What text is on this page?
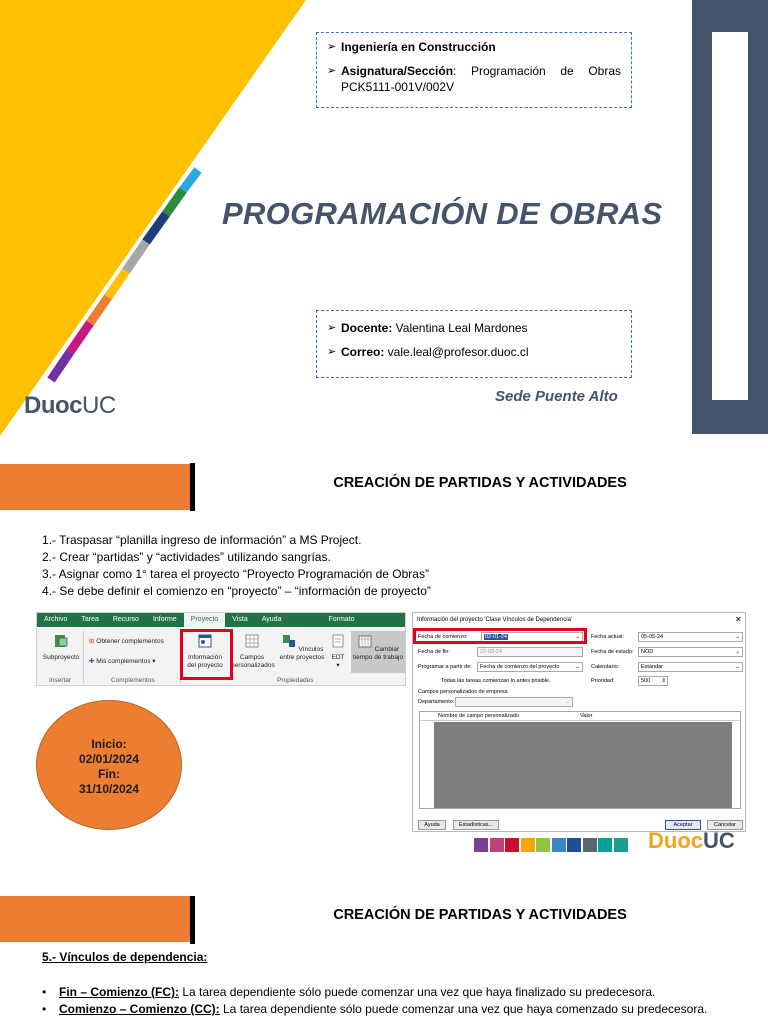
➢ Ingeniería en Construcción
➢ Asignatura/Sección: Programación de Obras PCK5111-001V/002V
PROGRAMACIÓN DE OBRAS
➢ Docente: Valentina Leal Mardones
➢ Correo: vale.leal@profesor.duoc.cl
Sede Puente Alto
DuocUC
CREACIÓN DE PARTIDAS Y ACTIVIDADES
1.- Traspasar “planilla ingreso de información” a MS Project.
2.- Crear “partidas” y “actividades” utilizando sangrías.
3.- Asignar como 1° tarea el proyecto “Proyecto Programación de Obras”
4.- Se debe definir el comienzo en “proyecto” – “información de proyecto”
Archivo	Tarea	Recurso	Informe	Proyecto	Vista	Ayuda	Formato
Subproyecto
⊞ Obtener complementos
✚ Mis complementos ▾
Información del proyecto
Campos personalizados
Vínculos entre proyectos	EDT
▾
Cambiar tiempo de trabajo
Insertar	Complementos	Propiedades
Información del proyecto 'Clase Vínculos de Dependencia'	✕
Fecha de comienzo:	02-01-24	⌄	Fecha actual:	05-05-24	⌄
Fecha de fin:	22-02-24	Fecha de estado:	NOD	⌄
Programar a partir de:	Fecha de comienzo del proyecto	⌄	Calendario:	Estándar	⌄
Todas las tareas comienzan lo antes posible.	Prioridad:	500 ⇕
Campos personalizados de empresa
Departamento:	⌄
Nombre de campo personalizado	Valor
Ayuda	Estadísticas...	Aceptar	Cancelar
Inicio:
02/01/2024
Fin:
31/10/2024
DuocUC
CREACIÓN DE PARTIDAS Y ACTIVIDADES
5.- Vínculos de dependencia:
•	Fin – Comienzo (FC): La tarea dependiente sólo puede comenzar una vez que haya finalizado su predecesora.
•	Comienzo – Comienzo (CC): La tarea dependiente sólo puede comenzar una vez que haya comenzado su predecesora.
